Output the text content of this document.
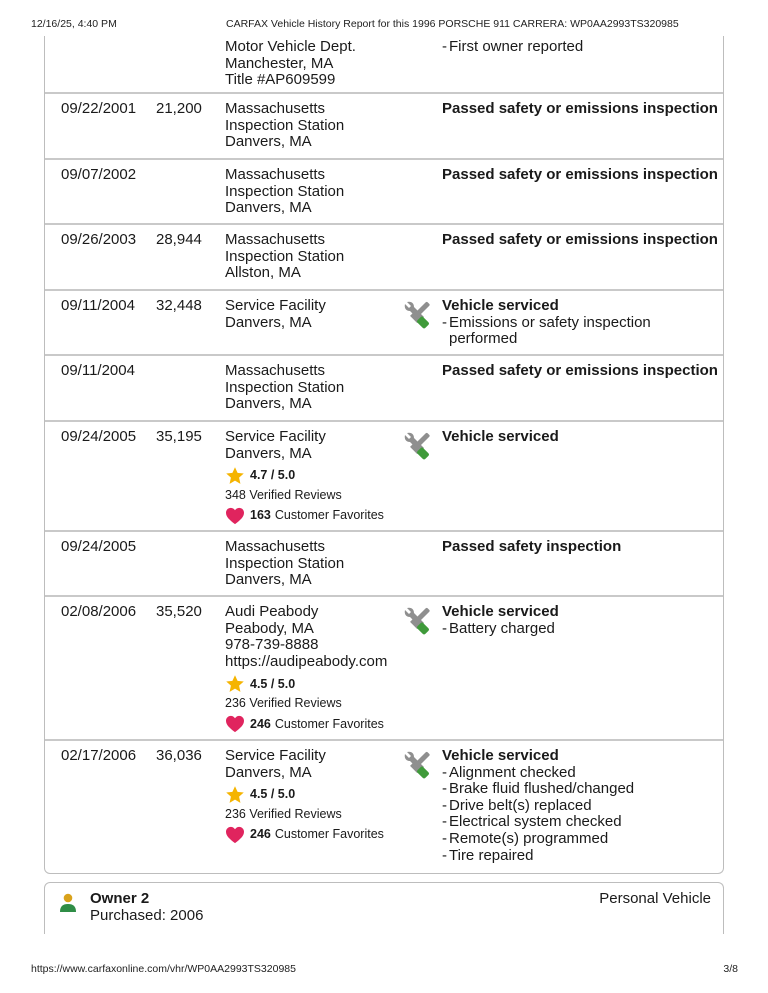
12/16/25, 4:40 PM	CARFAX Vehicle History Report for this 1996 PORSCHE 911 CARRERA: WP0AA2993TS320985
Motor Vehicle Dept.
Manchester, MA
Title #AP609599
- First owner reported
09/22/2001 21,200 Massachusetts
Inspection Station
Danvers, MA
Passed safety or emissions inspection
09/07/2002	Massachusetts
Inspection Station
Danvers, MA
Passed safety or emissions inspection
09/26/2003 28,944 Massachusetts
Inspection Station
Allston, MA
Passed safety or emissions inspection
09/11/2004 32,448 Service Facility
Danvers, MA
Vehicle serviced
- Emissions or safety inspection
performed
09/11/2004	Massachusetts
Inspection Station
Danvers, MA
Passed safety or emissions inspection
09/24/2005 35,195 Service Facility
Danvers, MA
4.7 / 5.0
348 Verified Reviews
163 Customer Favorites
Vehicle serviced
09/24/2005	Massachusetts
Inspection Station
Danvers, MA
Passed safety inspection
02/08/2006 35,520 Audi Peabody
Peabody, MA
978-739-8888
https://audipeabody.com
4.5 / 5.0
236 Verified Reviews
246 Customer Favorites
Vehicle serviced
- Battery charged
02/17/2006 36,036 Service Facility
Danvers, MA
4.5 / 5.0
236 Verified Reviews
246 Customer Favorites
Vehicle serviced
- Alignment checked
- Brake fluid flushed/changed
- Drive belt(s) replaced
- Electrical system checked
- Remote(s) programmed
- Tire repaired
Owner 2
Purchased: 2006
Personal Vehicle
https://www.carfaxonline.com/vhr/WP0AA2993TS320985	3/8
